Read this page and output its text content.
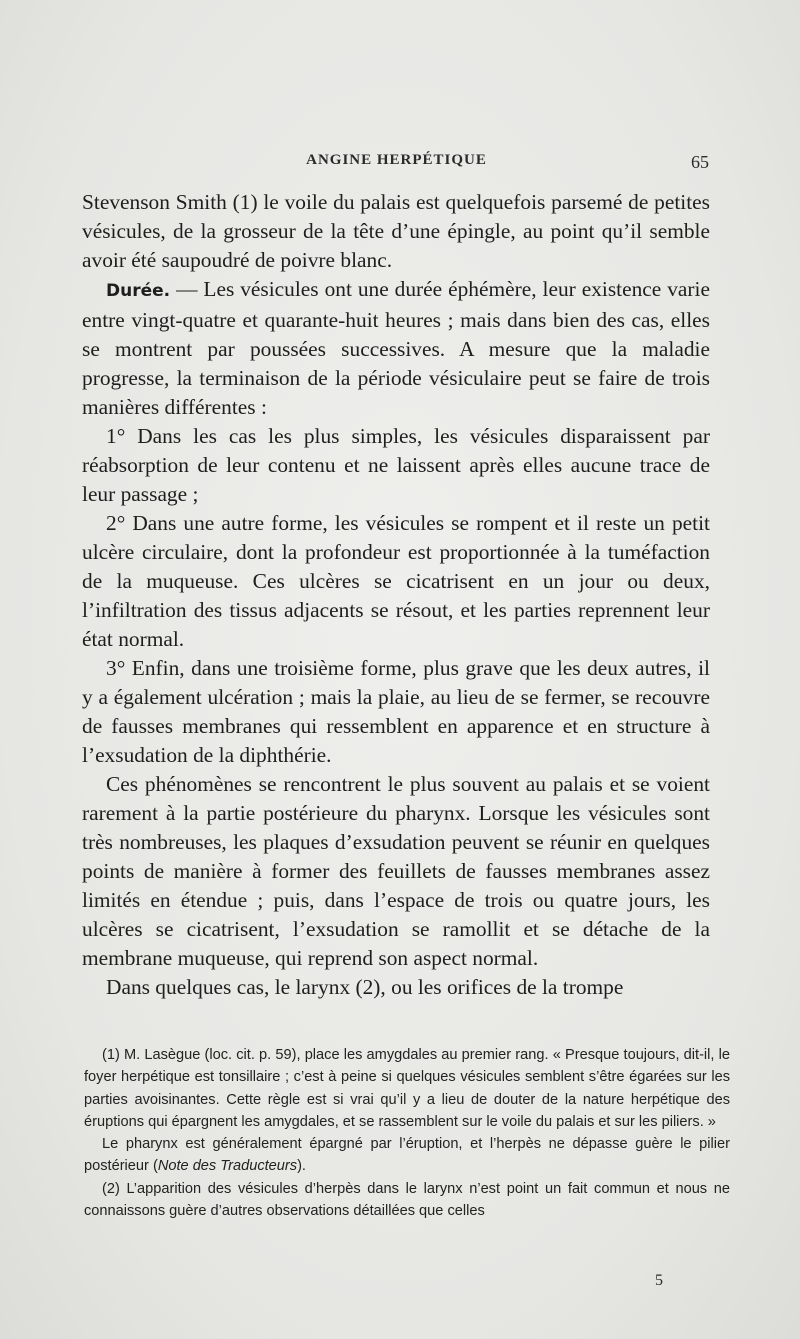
ANGINE HERPÉTIQUE	65

Stevenson Smith (1) le voile du palais est quelquefois parsemé de petites vésicules, de la grosseur de la tête d’une épingle, au point qu’il semble avoir été saupoudré de poivre blanc.

Durée. — Les vésicules ont une durée éphémère, leur existence varie entre vingt-quatre et quarante-huit heures ; mais dans bien des cas, elles se montrent par poussées successives. A mesure que la maladie progresse, la terminaison de la période vésiculaire peut se faire de trois manières différentes :

1° Dans les cas les plus simples, les vésicules disparaissent par réabsorption de leur contenu et ne laissent après elles aucune trace de leur passage ;

2° Dans une autre forme, les vésicules se rompent et il reste un petit ulcère circulaire, dont la profondeur est proportionnée à la tuméfaction de la muqueuse. Ces ulcères se cicatrisent en un jour ou deux, l’infiltration des tissus adjacents se résout, et les parties reprennent leur état normal.

3° Enfin, dans une troisième forme, plus grave que les deux autres, il y a également ulcération ; mais la plaie, au lieu de se fermer, se recouvre de fausses membranes qui ressemblent en apparence et en structure à l’exsudation de la diphthérie.

Ces phénomènes se rencontrent le plus souvent au palais et se voient rarement à la partie postérieure du pharynx. Lorsque les vésicules sont très nombreuses, les plaques d’exsudation peuvent se réunir en quelques points de manière à former des feuillets de fausses membranes assez limités en étendue ; puis, dans l’espace de trois ou quatre jours, les ulcères se cicatrisent, l’exsudation se ramollit et se détache de la membrane muqueuse, qui reprend son aspect normal.

Dans quelques cas, le larynx (2), ou les orifices de la trompe

(1) M. Lasègue (loc. cit. p. 59), place les amygdales au premier rang. « Presque toujours, dit-il, le foyer herpétique est tonsillaire ; c’est à peine si quelques vésicules semblent s’être égarées sur les parties avoisinantes. Cette règle est si vrai qu’il y a lieu de douter de la nature herpétique des éruptions qui épargnent les amygdales, et se rassemblent sur le voile du palais et sur les piliers. »

Le pharynx est généralement épargné par l’éruption, et l’herpès ne dépasse guère le pilier postérieur (Note des Traducteurs).

(2) L’apparition des vésicules d’herpès dans le larynx n’est point un fait commun et nous ne connaissons guère d’autres observations détaillées que celles

5
